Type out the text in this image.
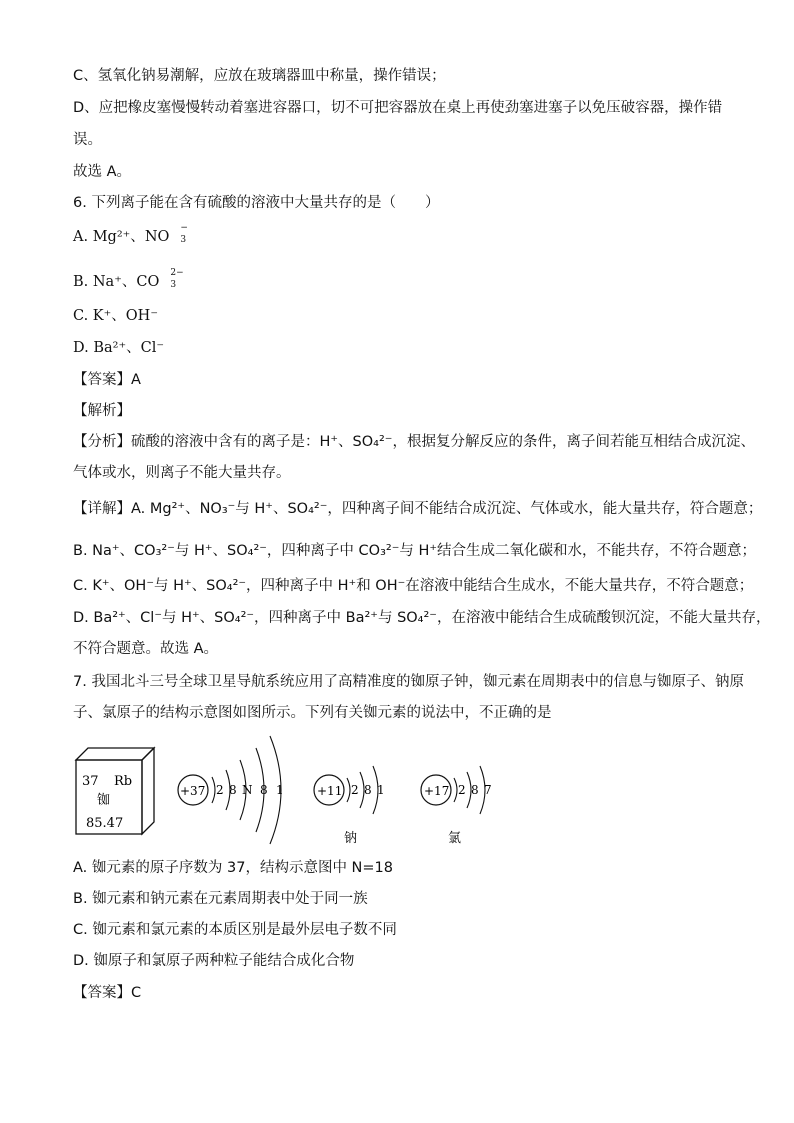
C、氢氧化钠易潮解，应放在玻璃器皿中称量，操作错误；
D、应把橡皮塞慢慢转动着塞进容器口，切不可把容器放在桌上再使劲塞进塞子以免压破容器，操作错
误。
故选 A。
6. 下列离子能在含有硫酸的溶液中大量共存的是（　　）
A. Mg²⁺、NO
−
3
B. Na⁺、CO
2−
3
C. K⁺、OH⁻
D. Ba²⁺、Cl⁻
【答案】A
【解析】
【分析】硫酸的溶液中含有的离子是：H⁺、SO₄²⁻，根据复分解反应的条件，离子间若能互相结合成沉淀、
气体或水，则离子不能大量共存。
【详解】A. Mg²⁺、NO₃⁻与 H⁺、SO₄²⁻，四种离子间不能结合成沉淀、气体或水，能大量共存，符合题意；
B. Na⁺、CO₃²⁻与 H⁺、SO₄²⁻，四种离子中 CO₃²⁻与 H⁺结合生成二氧化碳和水，不能共存，不符合题意；
C. K⁺、OH⁻与 H⁺、SO₄²⁻，四种离子中 H⁺和 OH⁻在溶液中能结合生成水，不能大量共存，不符合题意；
D. Ba²⁺、Cl⁻与 H⁺、SO₄²⁻，四种离子中 Ba²⁺与 SO₄²⁻，在溶液中能结合生成硫酸钡沉淀，不能大量共存，
不符合题意。故选 A。
7. 我国北斗三号全球卫星导航系统应用了高精准度的铷原子钟，铷元素在周期表中的信息与铷原子、钠原
子、氯原子的结构示意图如图所示。下列有关铷元素的说法中，不正确的是
37 Rb
铷
85.47
+37 2 8 N 8 1	+11 2 8 1
钠
+17 2 8 7
氯
A. 铷元素的原子序数为 37，结构示意图中 N=18
B. 铷元素和钠元素在元素周期表中处于同一族
C. 铷元素和氯元素的本质区别是最外层电子数不同
D. 铷原子和氯原子两种粒子能结合成化合物
【答案】C
